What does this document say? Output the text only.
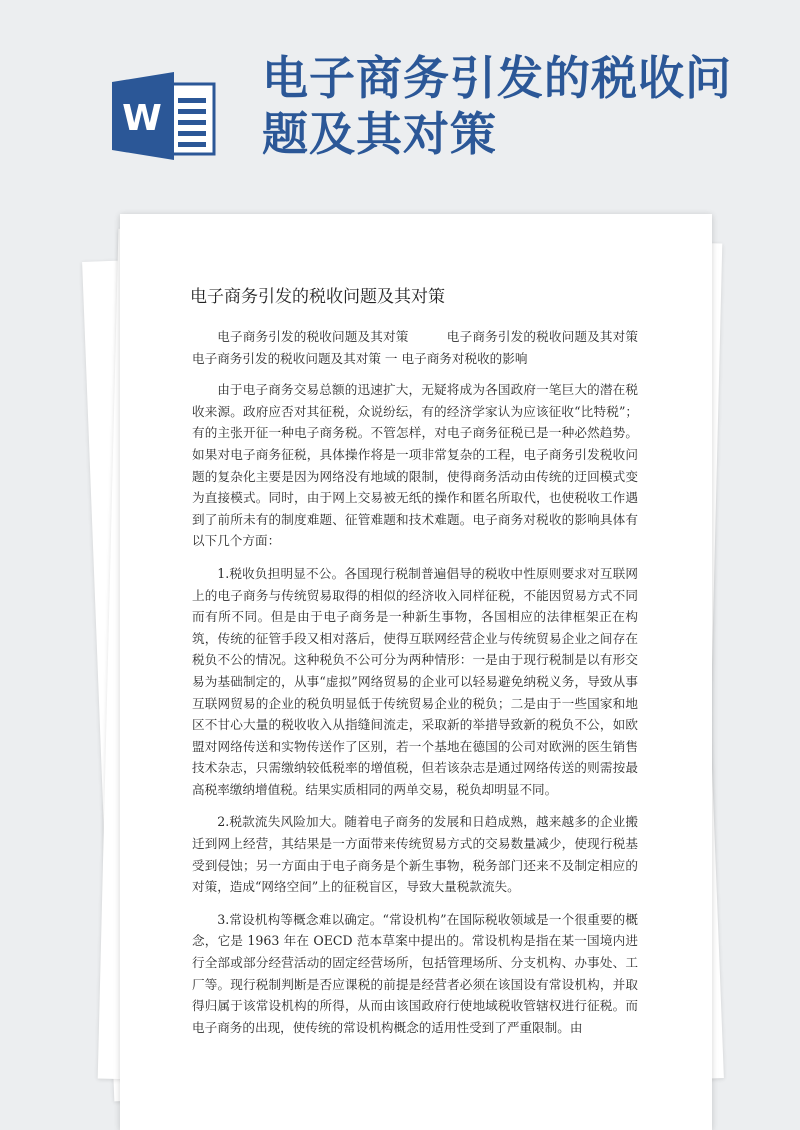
W
电子商务引发的税收问题及其对策
电子商务引发的税收问题及其对策

电子商务引发的税收问题及其对策　　　电子商务引发的税收问题及其对策　　　　　　　　　　　电子商务引发的税收问题及其对策 一 电子商务对税收的影响

由于电子商务交易总额的迅速扩大，无疑将成为各国政府一笔巨大的潜在税收来源。政府应否对其征税，众说纷纭，有的经济学家认为应该征收“比特税”；有的主张开征一种电子商务税。不管怎样，对电子商务征税已是一种必然趋势。如果对电子商务征税，具体操作将是一项非常复杂的工程，电子商务引发税收问题的复杂化主要是因为网络没有地域的限制，使得商务活动由传统的迂回模式变为直接模式。同时，由于网上交易被无纸的操作和匿名所取代，也使税收工作遇到了前所未有的制度难题、征管难题和技术难题。电子商务对税收的影响具体有以下几个方面：

1.税收负担明显不公。各国现行税制普遍倡导的税收中性原则要求对互联网上的电子商务与传统贸易取得的相似的经济收入同样征税，不能因贸易方式不同而有所不同。但是由于电子商务是一种新生事物，各国相应的法律框架正在构筑，传统的征管手段又相对落后，使得互联网经营企业与传统贸易企业之间存在税负不公的情况。这种税负不公可分为两种情形：一是由于现行税制是以有形交易为基础制定的，从事“虚拟”网络贸易的企业可以轻易避免纳税义务，导致从事互联网贸易的企业的税负明显低于传统贸易企业的税负；二是由于一些国家和地区不甘心大量的税收收入从指缝间流走，采取新的举措导致新的税负不公，如欧盟对网络传送和实物传送作了区别，若一个基地在德国的公司对欧洲的医生销售技术杂志，只需缴纳较低税率的增值税，但若该杂志是通过网络传送的则需按最高税率缴纳增值税。结果实质相同的两单交易，税负却明显不同。

2.税款流失风险加大。随着电子商务的发展和日趋成熟，越来越多的企业搬迁到网上经营，其结果是一方面带来传统贸易方式的交易数量减少，使现行税基受到侵蚀；另一方面由于电子商务是个新生事物，税务部门还来不及制定相应的对策，造成“网络空间”上的征税盲区，导致大量税款流失。

3.常设机构等概念难以确定。“常设机构”在国际税收领域是一个很重要的概念，它是 1963 年在 OECD 范本草案中提出的。常设机构是指在某一国境内进行全部或部分经营活动的固定经营场所，包括管理场所、分支机构、办事处、工厂等。现行税制判断是否应课税的前提是经营者必须在该国设有常设机构，并取得归属于该常设机构的所得，从而由该国政府行使地域税收管辖权进行征税。而电子商务的出现，使传统的常设机构概念的适用性受到了严重限制。由
